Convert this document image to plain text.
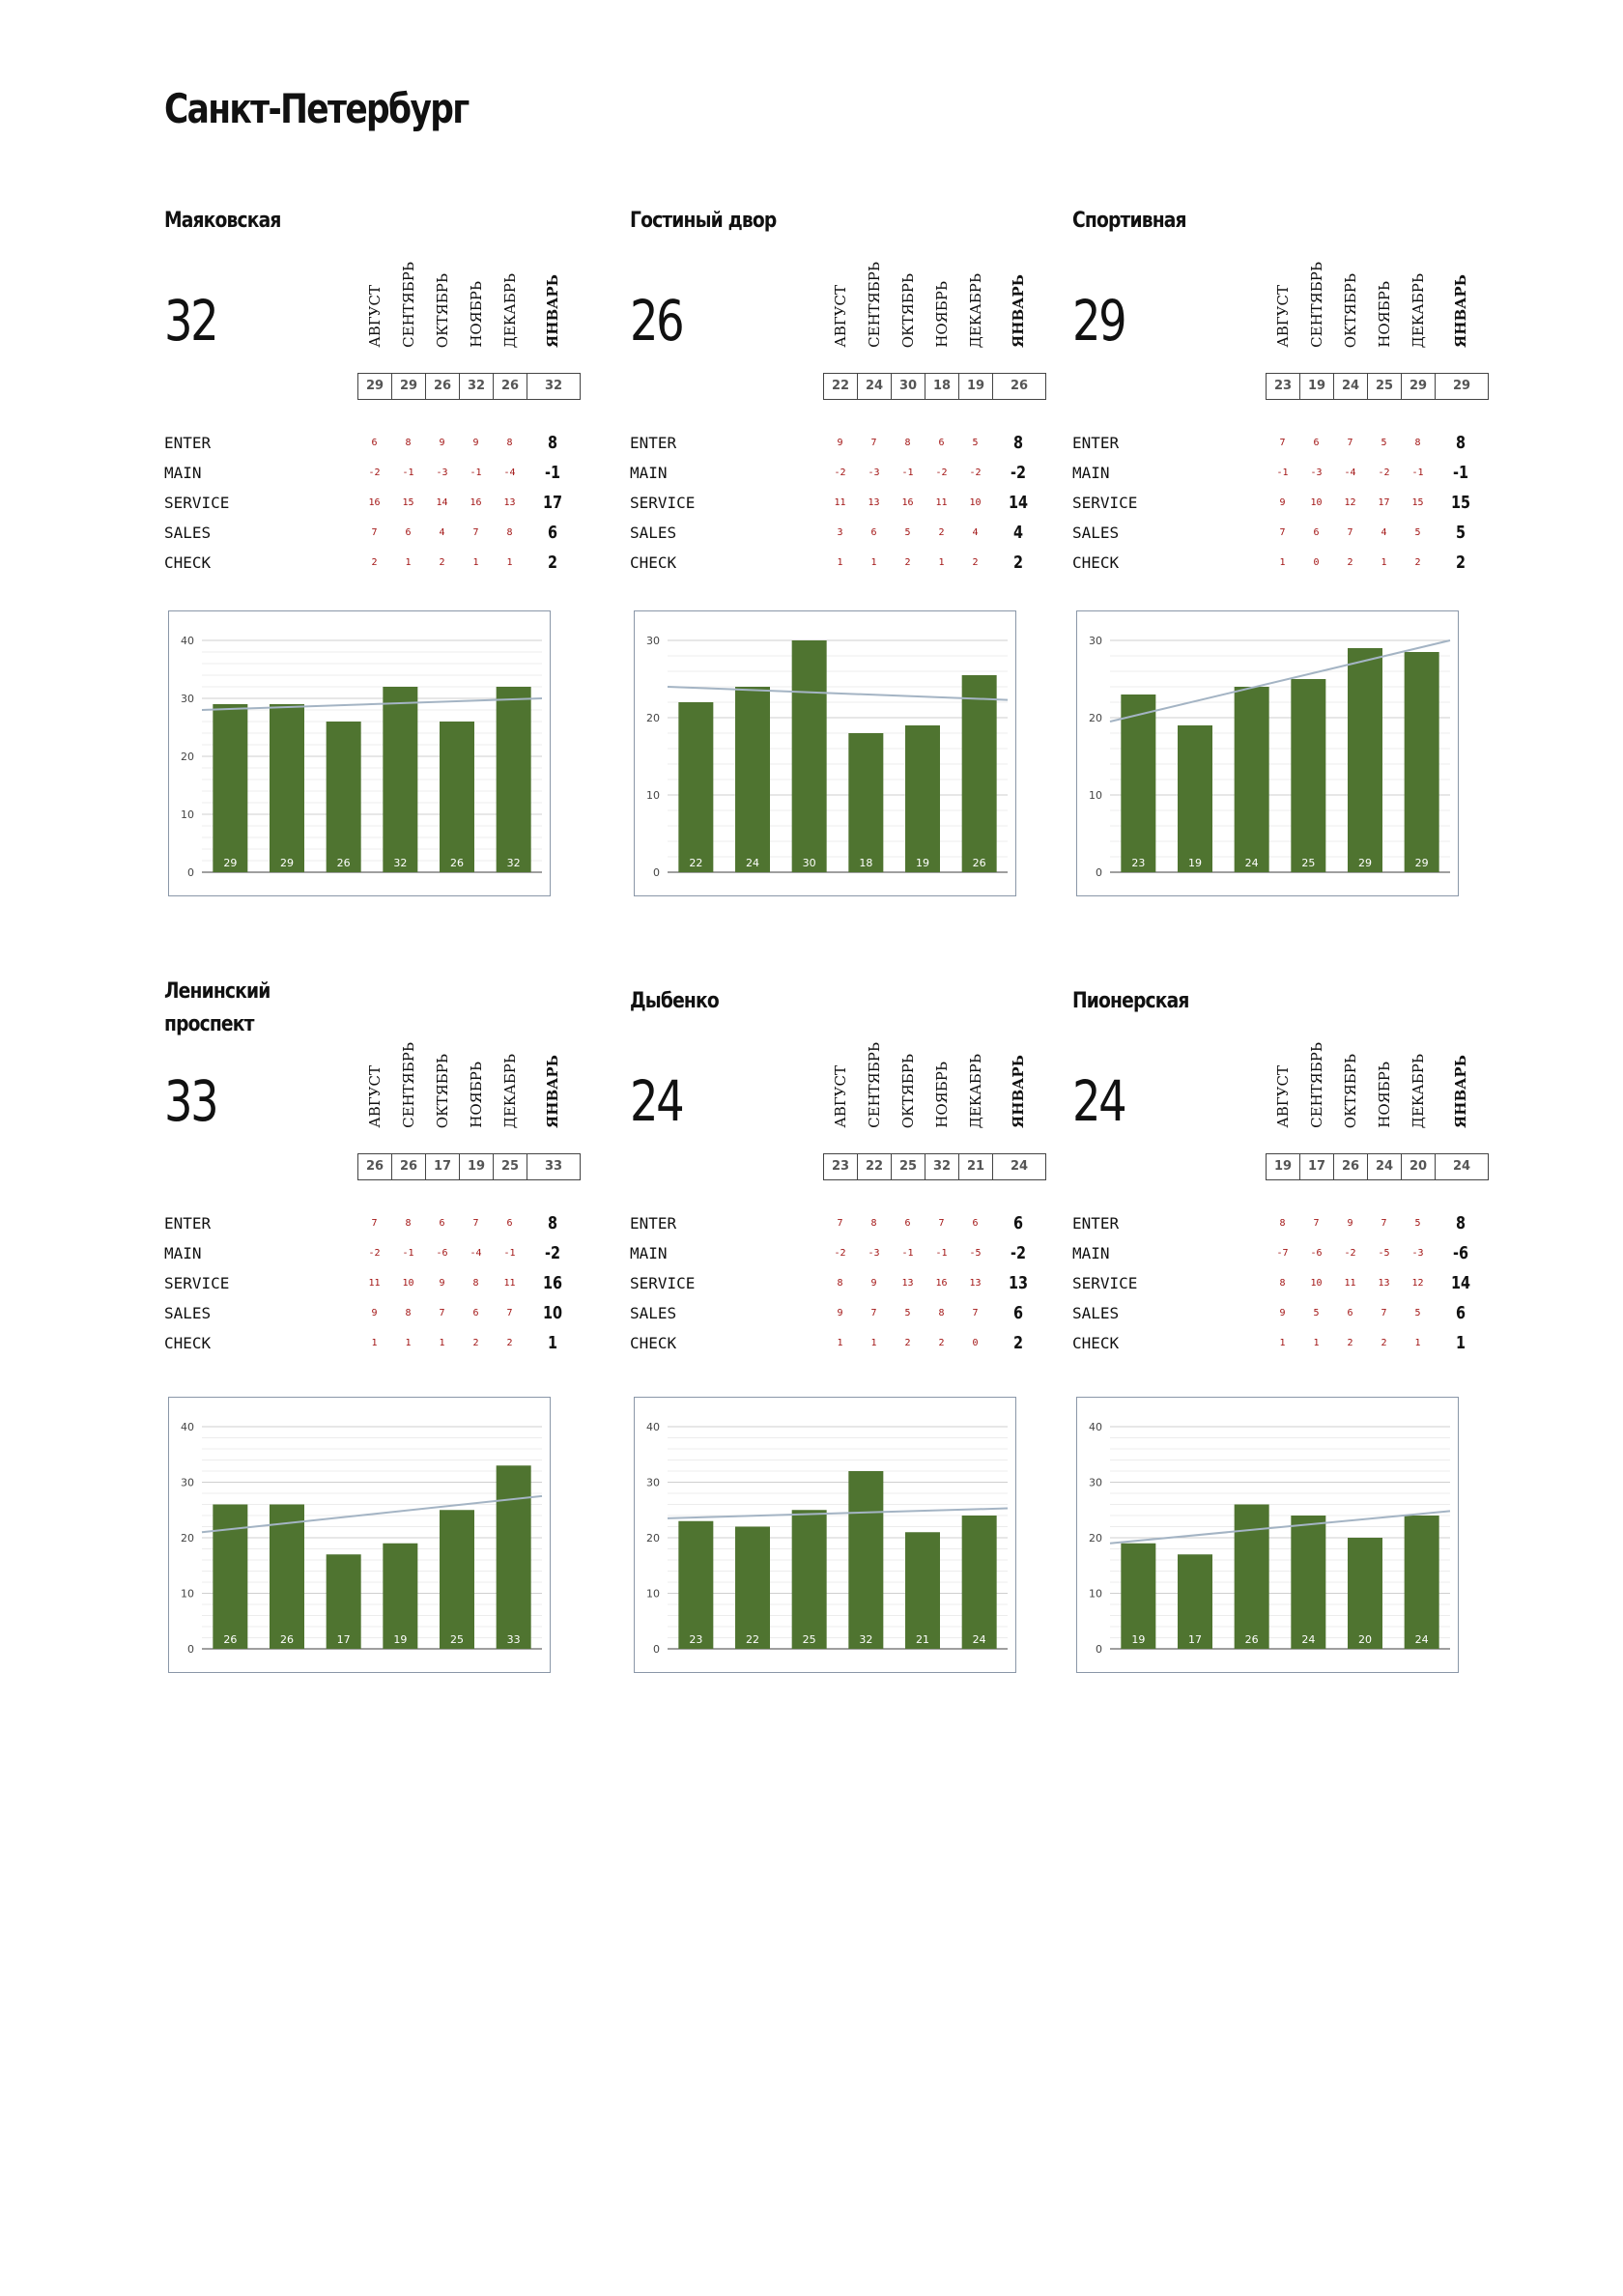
Санкт-Петербург
Маяковская
32	АВГУСТ СЕНТЯБРЬ ОКТЯБРЬ НОЯБРЬ ДЕКАБРЬ ЯНВАРЬ
29	29	26	32	26	32
ENTER	6	8	9	9	8	8
MAIN	-2	-1	-3	-1	-4	-1
SERVICE	16	15	14	16	13	17
SALES	7	6	4	7	8	6
CHECK	2	1	2	1	1	2
0
10
20
30
40
29	29	26	32	26	32
Гостиный двор
26	АВГУСТ СЕНТЯБРЬ ОКТЯБРЬ НОЯБРЬ ДЕКАБРЬ ЯНВАРЬ
22	24	30	18	19	26
ENTER	9	7	8	6	5	8
MAIN	-2	-3	-1	-2	-2	-2
SERVICE	11	13	16	11	10	14
SALES	3	6	5	2	4	4
CHECK	1	1	2	1	2	2
0
10
20
30
22	24	30	18	19	26
Спортивная
29	АВГУСТ СЕНТЯБРЬ ОКТЯБРЬ НОЯБРЬ ДЕКАБРЬ ЯНВАРЬ
23	19	24	25	29	29
ENTER	7	6	7	5	8	8
MAIN	-1	-3	-4	-2	-1	-1
SERVICE	9	10	12	17	15	15
SALES	7	6	7	4	5	5
CHECK	1	0	2	1	2	2
0
10
20
30
23	19	24	25	29	29
Ленинский проспект
33	АВГУСТ СЕНТЯБРЬ ОКТЯБРЬ НОЯБРЬ ДЕКАБРЬ ЯНВАРЬ
26	26	17	19	25	33
ENTER	7	8	6	7	6	8
MAIN	-2	-1	-6	-4	-1	-2
SERVICE	11	10	9	8	11	16
SALES	9	8	7	6	7	10
CHECK	1	1	1	2	2	1
0
10
20
30
40
26	26	17	19	25	33
Дыбенко
24	АВГУСТ СЕНТЯБРЬ ОКТЯБРЬ НОЯБРЬ ДЕКАБРЬ ЯНВАРЬ
23	22	25	32	21	24
ENTER	7	8	6	7	6	6
MAIN	-2	-3	-1	-1	-5	-2
SERVICE	8	9	13	16	13	13
SALES	9	7	5	8	7	6
CHECK	1	1	2	2	0	2
0
10
20
30
40
23	22	25	32	21	24
Пионерская
24	АВГУСТ СЕНТЯБРЬ ОКТЯБРЬ НОЯБРЬ ДЕКАБРЬ ЯНВАРЬ
19	17	26	24	20	24
ENTER	8	7	9	7	5	8
MAIN	-7	-6	-2	-5	-3	-6
SERVICE	8	10	11	13	12	14
SALES	9	5	6	7	5	6
CHECK	1	1	2	2	1	1
0
10
20
30
40
19	17	26	24	20	24
